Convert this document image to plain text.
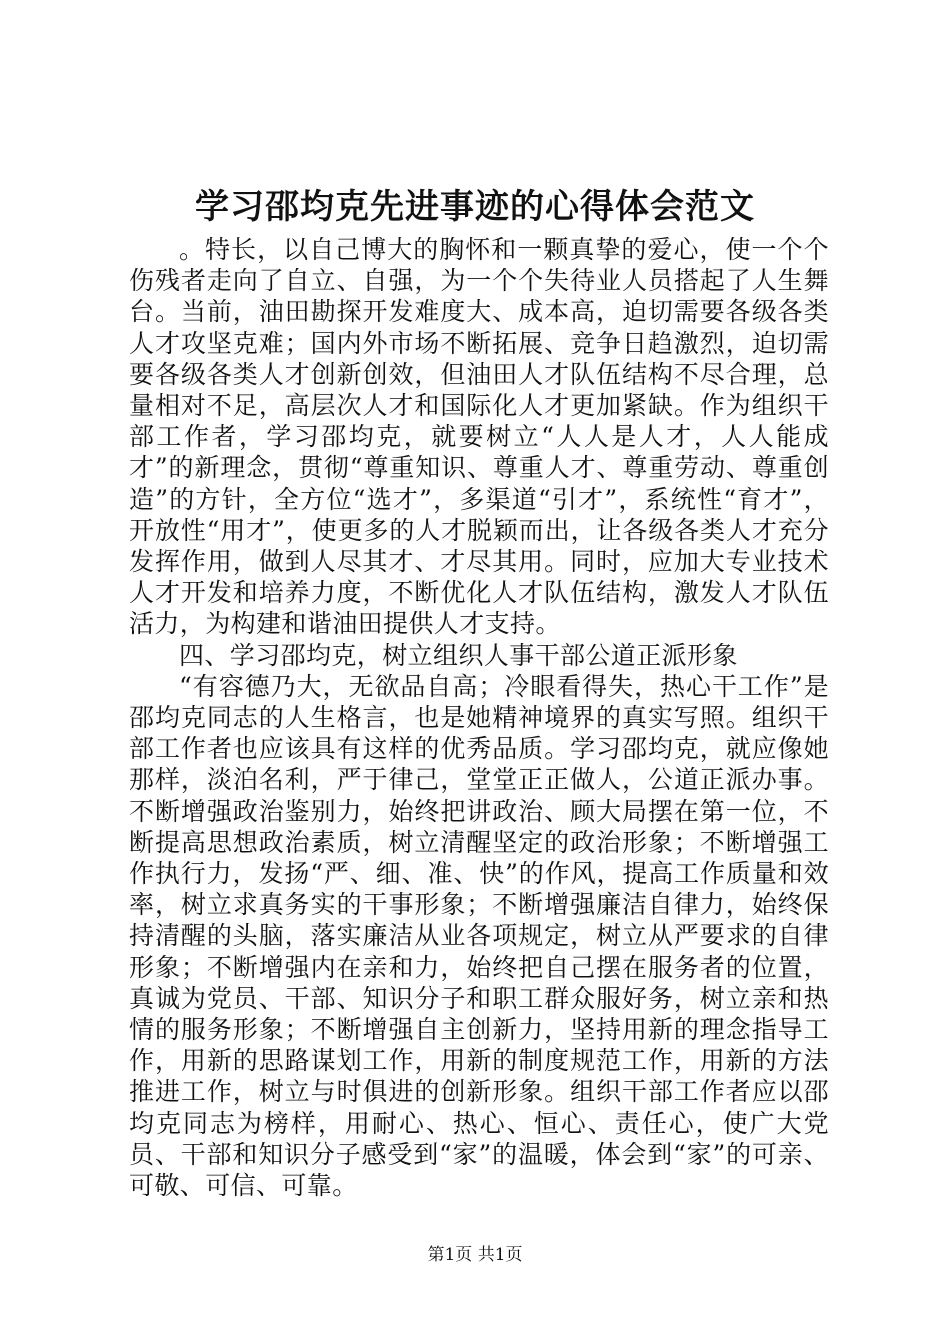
学习邵均克先进事迹的心得体会范文

。特长，以自己博大的胸怀和一颗真挚的爱心，使一个个伤残者走向了自立、自强，为一个个失待业人员搭起了人生舞台。当前，油田勘探开发难度大、成本高，迫切需要各级各类人才攻坚克难；国内外市场不断拓展、竞争日趋激烈，迫切需要各级各类人才创新创效，但油田人才队伍结构不尽合理，总量相对不足，高层次人才和国际化人才更加紧缺。作为组织干部工作者，学习邵均克，就要树立“人人是人才，人人能成才”的新理念，贯彻“尊重知识、尊重人才、尊重劳动、尊重创造”的方针，全方位“选才”，多渠道“引才”，系统性“育才”，开放性“用才”，使更多的人才脱颖而出，让各级各类人才充分发挥作用，做到人尽其才、才尽其用。同时，应加大专业技术人才开发和培养力度，不断优化人才队伍结构，激发人才队伍活力，为构建和谐油田提供人才支持。

四、学习邵均克，树立组织人事干部公道正派形象

“有容德乃大，无欲品自高；冷眼看得失，热心干工作”是邵均克同志的人生格言，也是她精神境界的真实写照。组织干部工作者也应该具有这样的优秀品质。学习邵均克，就应像她那样，淡泊名利，严于律己，堂堂正正做人，公道正派办事。不断增强政治鉴别力，始终把讲政治、顾大局摆在第一位，不断提高思想政治素质，树立清醒坚定的政治形象；不断增强工作执行力，发扬“严、细、准、快”的作风，提高工作质量和效率，树立求真务实的干事形象；不断增强廉洁自律力，始终保持清醒的头脑，落实廉洁从业各项规定，树立从严要求的自律形象；不断增强内在亲和力，始终把自己摆在服务者的位置，真诚为党员、干部、知识分子和职工群众服好务，树立亲和热情的服务形象；不断增强自主创新力，坚持用新的理念指导工作，用新的思路谋划工作，用新的制度规范工作，用新的方法推进工作，树立与时俱进的创新形象。组织干部工作者应以邵均克同志为榜样，用耐心、热心、恒心、责任心，使广大党员、干部和知识分子感受到“家”的温暖，体会到“家”的可亲、可敬、可信、可靠。

第1页 共1页
